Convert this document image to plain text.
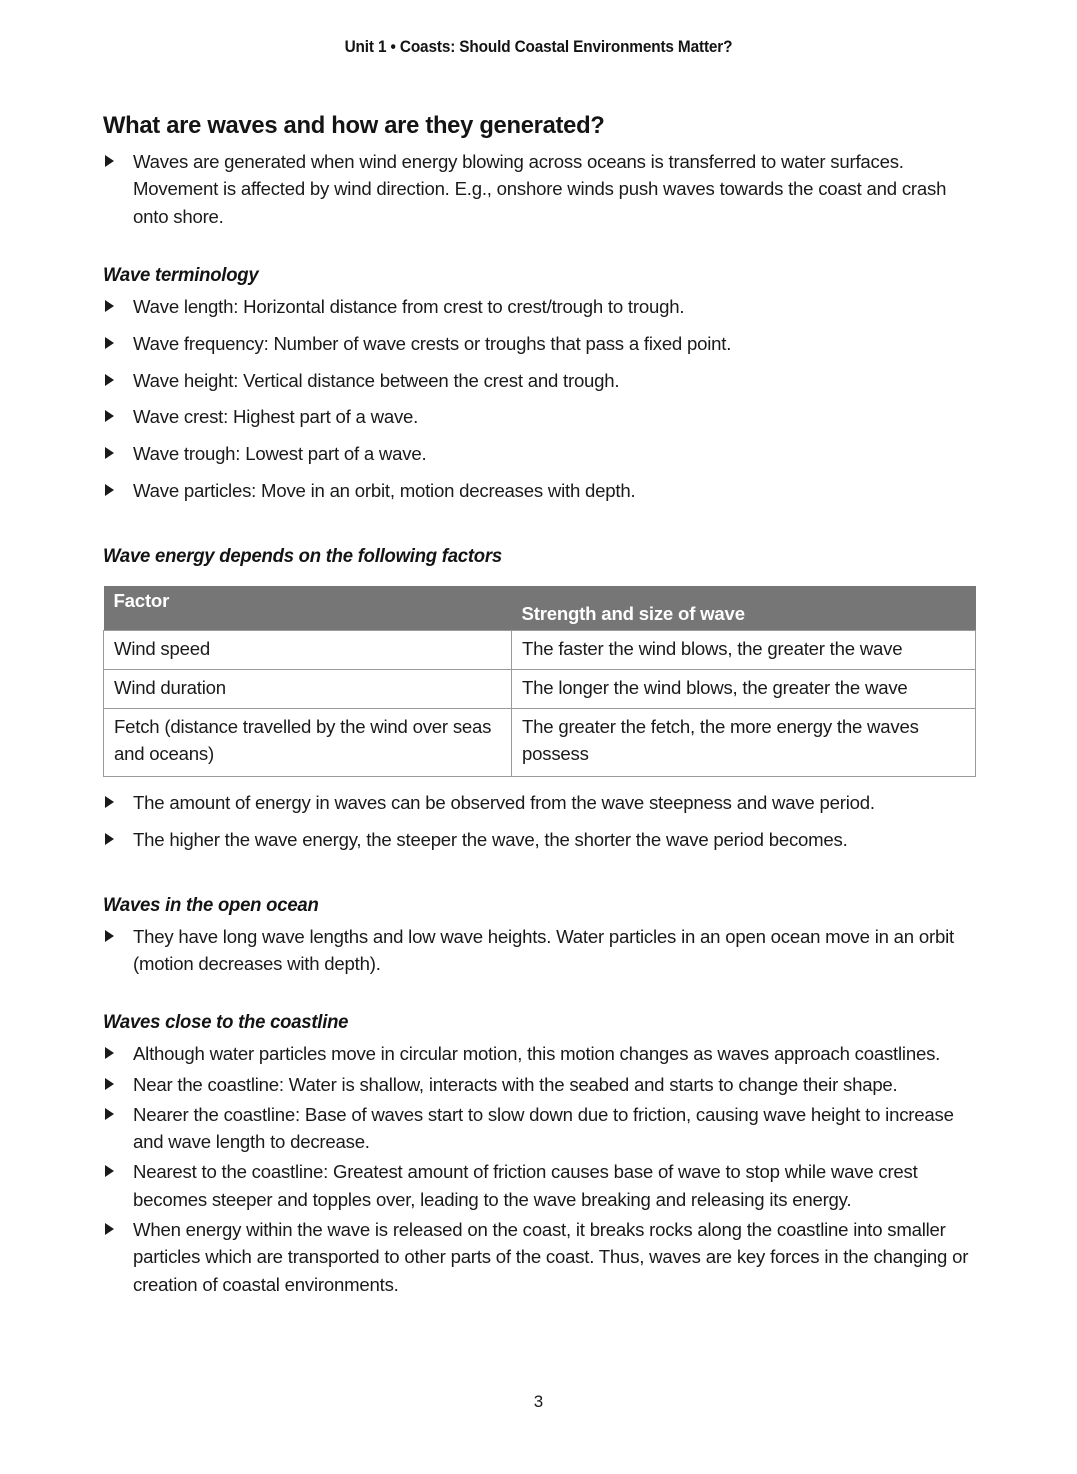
Unit 1 • Coasts: Should Coastal Environments Matter?
What are waves and how are they generated?
Waves are generated when wind energy blowing across oceans is transferred to water surfaces. Movement is affected by wind direction. E.g., onshore winds push waves towards the coast and crash onto shore.
Wave terminology
Wave length: Horizontal distance from crest to crest/trough to trough.
Wave frequency: Number of wave crests or troughs that pass a fixed point.
Wave height: Vertical distance between the crest and trough.
Wave crest: Highest part of a wave.
Wave trough: Lowest part of a wave.
Wave particles: Move in an orbit, motion decreases with depth.
Wave energy depends on the following factors
Factor	Strength and size of wave

Wind speed	The faster the wind blows, the greater the wave
Wind duration	The longer the wind blows, the greater the wave
Fetch (distance travelled by the wind over seas and oceans)	The greater the fetch, the more energy the waves possess
The amount of energy in waves can be observed from the wave steepness and wave period.
The higher the wave energy, the steeper the wave, the shorter the wave period becomes.
Waves in the open ocean
They have long wave lengths and low wave heights. Water particles in an open ocean move in an orbit (motion decreases with depth).
Waves close to the coastline
Although water particles move in circular motion, this motion changes as waves approach coastlines.
Near the coastline: Water is shallow, interacts with the seabed and starts to change their shape.
Nearer the coastline: Base of waves start to slow down due to friction, causing wave height to increase and wave length to decrease.
Nearest to the coastline: Greatest amount of friction causes base of wave to stop while wave crest becomes steeper and topples over, leading to the wave breaking and releasing its energy.
When energy within the wave is released on the coast, it breaks rocks along the coastline into smaller particles which are transported to other parts of the coast. Thus, waves are key forces in the changing or creation of coastal environments.
3
